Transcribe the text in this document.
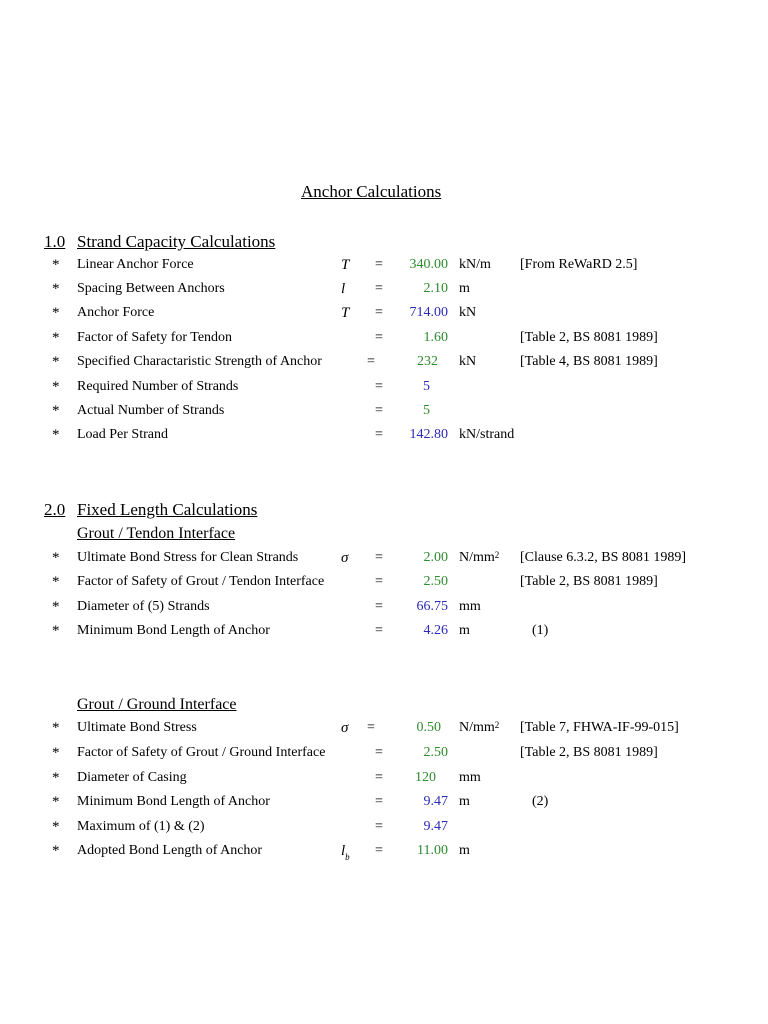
Anchor Calculations
1.0 Strand Capacity Calculations
* Linear Anchor Force	T =	340.00 kN/m [From ReWaRD 2.5]
* Spacing Between Anchors	l =	2.10 m
* Anchor Force	T =	714.00 kN
* Factor of Safety for Tendon	=	1.60	[Table 2, BS 8081 1989]
* Specified Charactaristic Strength of Anchor	=	232 kN	[Table 4, BS 8081 1989]
* Required Number of Strands	=	5
* Actual Number of Strands	=	5
* Load Per Strand	=	142.80 kN/strand
2.0 Fixed Length Calculations
Grout / Tendon Interface
* Ultimate Bond Stress for Clean Strands	σ =	2.00 $N/mm^2$ [Clause 6.3.2, BS 8081 1989]
* Factor of Safety of Grout / Tendon Interface	=	2.50	[Table 2, BS 8081 1989]
* Diameter of (5) Strands	=	66.75 mm
* Minimum Bond Length of Anchor	=	4.26 m	(1)
Grout / Ground Interface
* Ultimate Bond Stress	σ =	0.50 $N/mm^2$ [Table 7, FHWA-IF-99-015]
* Factor of Safety of Grout / Ground Interface	=	2.50	[Table 2, BS 8081 1989]
* Diameter of Casing	=	120 mm
* Minimum Bond Length of Anchor	=	9.47 m	(2)
* Maximum of (1) & (2)	=	9.47
* Adopted Bond Length of Anchor	$l_b$ =	11.00 m
